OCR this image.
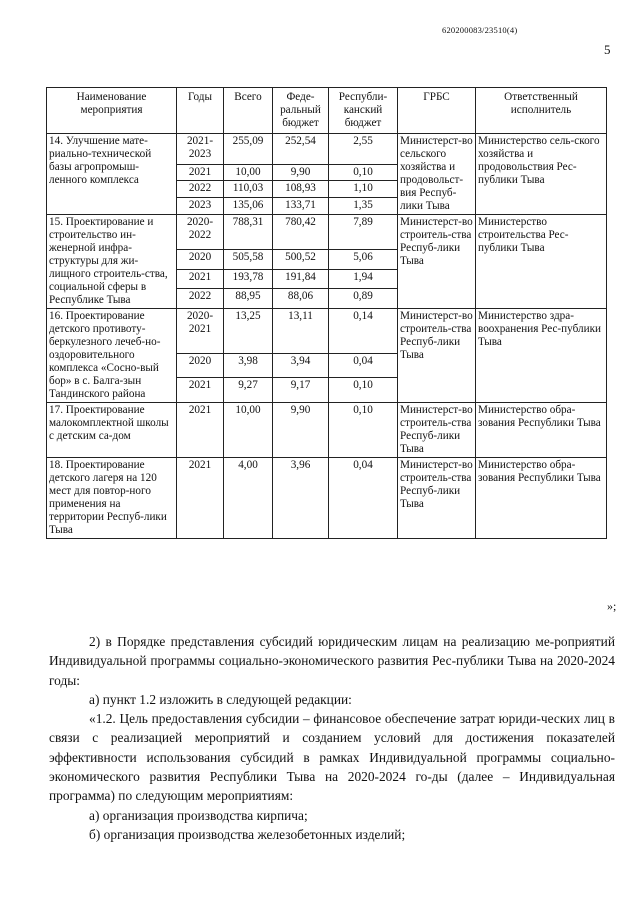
620200083/23510(4)
5
Наименование мероприятия	Годы	Всего	Феде-ральный бюджет	Республи-канский бюджет	ГРБС	Ответственный исполнитель
14. Улучшение мате-риально-технической базы агропромыш-ленного комплекса	2021-2023	255,09	252,54	2,55	Министерст-во сельского хозяйства и продовольст-вия Респуб-лики Тыва	Министерство сель-ского хозяйства и продовольствия Рес-публики Тыва
	2021	10,00	9,90	0,10		
	2022	110,03	108,93	1,10		
	2023	135,06	133,71	1,35		
15. Проектирование и строительство ин-женерной инфра-структуры для жи-лищного строитель-ства, социальной сферы в Республике Тыва	2020-2022	788,31	780,42	7,89	Министерст-во строитель-ства Респуб-лики Тыва	Министерство строительства Рес-публики Тыва
	2020	505,58	500,52	5,06		
	2021	193,78	191,84	1,94		
	2022	88,95	88,06	0,89		
16. Проектирование детского противоту-беркулезного лечеб-но-оздоровительного комплекса «Сосно-вый бор» в с. Балга-зын Тандинского района	2020-2021	13,25	13,11	0,14	Министерст-во строитель-ства Респуб-лики Тыва	Министерство здра-воохранения Рес-публики Тыва
	2020	3,98	3,94	0,04		
	2021	9,27	9,17	0,10		
17. Проектирование малокомплектной школы с детским са-дом	2021	10,00	9,90	0,10	Министерст-во строитель-ства Респуб-лики Тыва	Министерство обра-зования Республики Тыва
18. Проектирование детского лагеря на 120 мест для повтор-ного применения на территории Респуб-лики Тыва	2021	4,00	3,96	0,04	Министерст-во строитель-ства Респуб-лики Тыва	Министерство обра-зования Республики Тыва
»;

2) в Порядке представления субсидий юридическим лицам на реализацию ме-роприятий Индивидуальной программы социально-экономического развития Рес-публики Тыва на 2020-2024 годы:

а) пункт 1.2 изложить в следующей редакции:

«1.2. Цель предоставления субсидии – финансовое обеспечение затрат юриди-ческих лиц в связи с реализацией мероприятий и созданием условий для достижения показателей эффективности использования субсидий в рамках Индивидуальной программы социально-экономического развития Республики Тыва на 2020-2024 го-ды (далее – Индивидуальная программа) по следующим мероприятиям:

а) организация производства кирпича;

б) организация производства железобетонных изделий;
